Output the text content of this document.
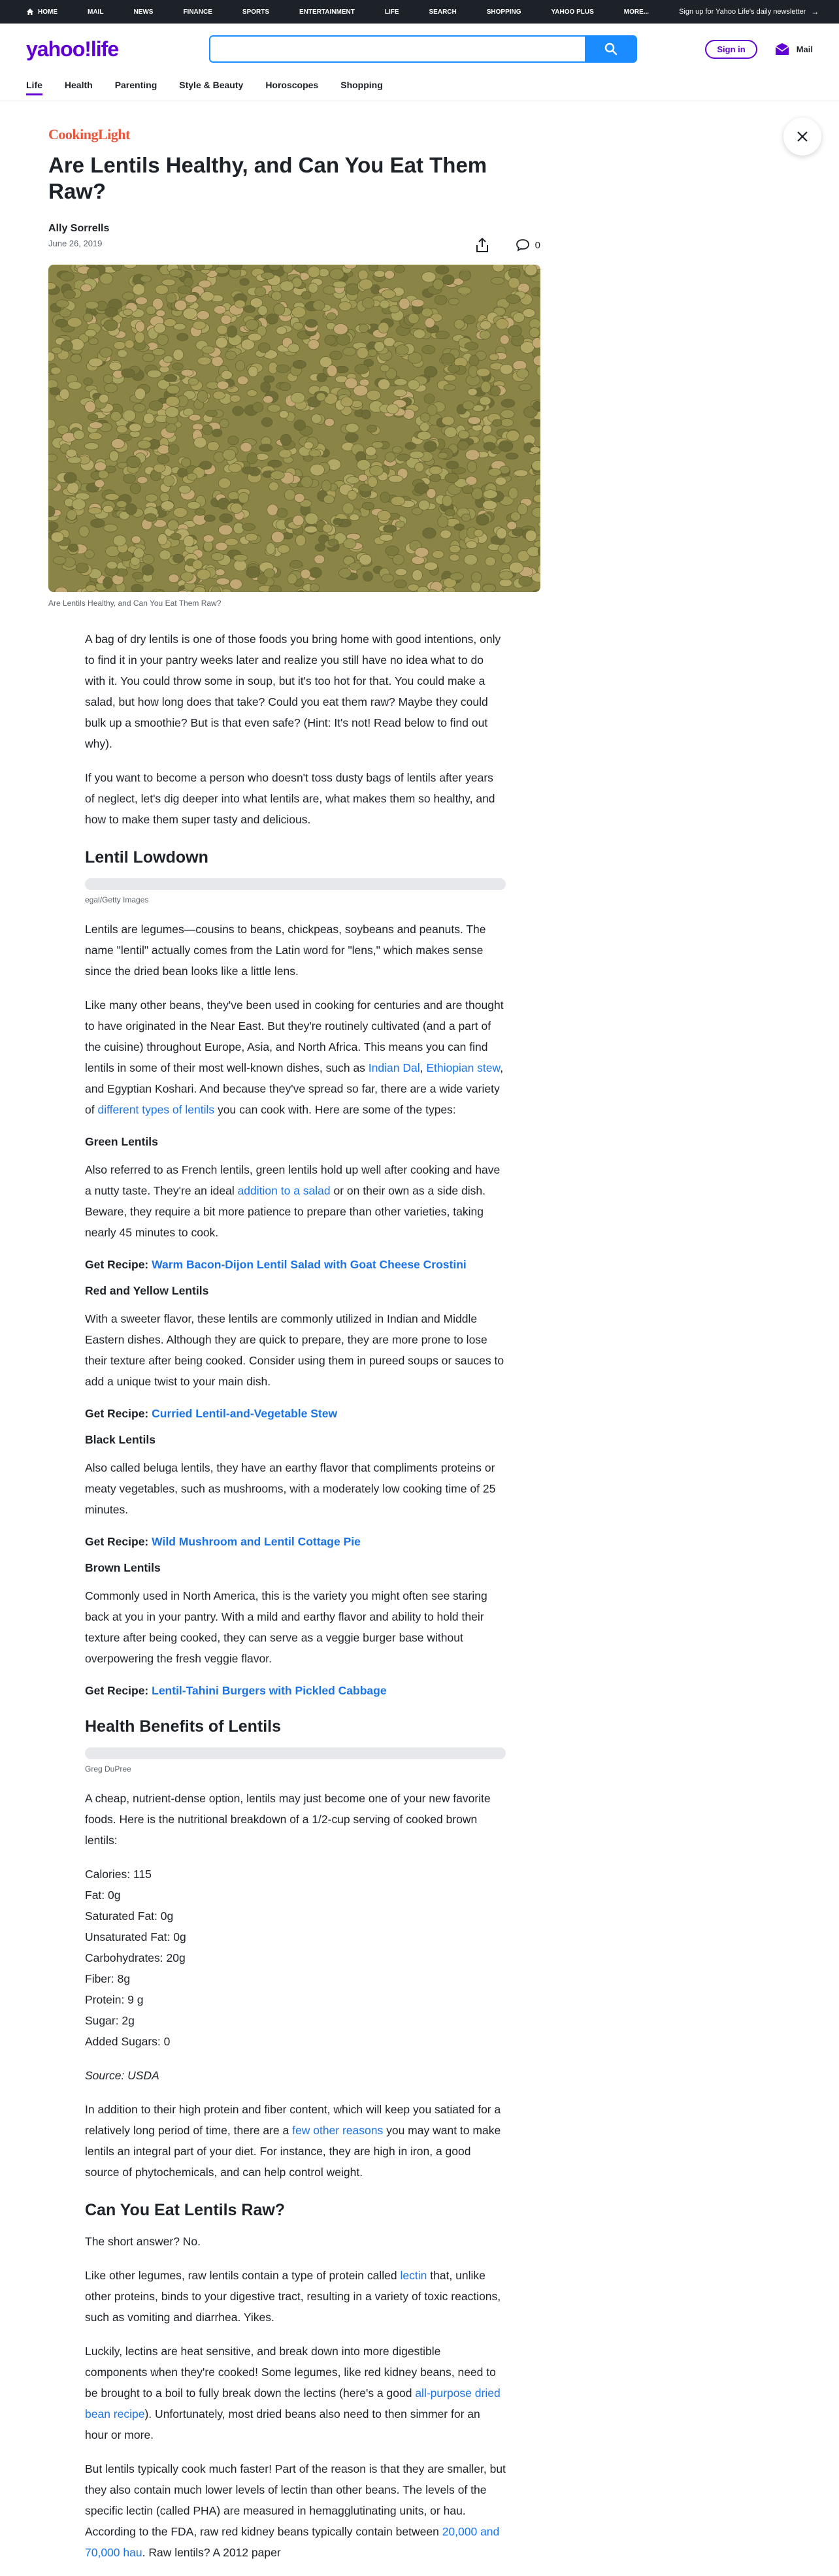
HOME	MAIL	NEWS	FINANCE	SPORTS	ENTERTAINMENT	LIFE	SEARCH	SHOPPING	YAHOO PLUS	MORE...	Sign up for Yahoo Life's daily newsletter →
yahoo!life	Sign in	Mail
Life Health Parenting Style & Beauty Horoscopes Shopping
CookingLight
Are Lentils Healthy, and Can You Eat Them Raw?
Ally Sorrells
June 26, 2019	0
Are Lentils Healthy, and Can You Eat Them Raw?

A bag of dry lentils is one of those foods you bring home with good intentions, only to find it in your pantry weeks later and realize you still have no idea what to do with it. You could throw some in soup, but it's too hot for that. You could make a salad, but how long does that take? Could you eat them raw? Maybe they could bulk up a smoothie? But is that even safe? (Hint: It's not! Read below to find out why).

If you want to become a person who doesn't toss dusty bags of lentils after years of neglect, let's dig deeper into what lentils are, what makes them so healthy, and how to make them super tasty and delicious.

Lentil Lowdown
egal/Getty Images

Lentils are legumes—cousins to beans, chickpeas, soybeans and peanuts. The name "lentil" actually comes from the Latin word for "lens," which makes sense since the dried bean looks like a little lens.

Like many other beans, they've been used in cooking for centuries and are thought to have originated in the Near East. But they're routinely cultivated (and a part of the cuisine) throughout Europe, Asia, and North Africa. This means you can find lentils in some of their most well-known dishes, such as Indian Dal, Ethiopian stew, and Egyptian Koshari. And because they've spread so far, there are a wide variety of different types of lentils you can cook with. Here are some of the types:

Green Lentils

Also referred to as French lentils, green lentils hold up well after cooking and have a nutty taste. They're an ideal addition to a salad or on their own as a side dish. Beware, they require a bit more patience to prepare than other varieties, taking nearly 45 minutes to cook.

Get Recipe: Warm Bacon-Dijon Lentil Salad with Goat Cheese Crostini
Red and Yellow Lentils

With a sweeter flavor, these lentils are commonly utilized in Indian and Middle Eastern dishes. Although they are quick to prepare, they are more prone to lose their texture after being cooked. Consider using them in pureed soups or sauces to add a unique twist to your main dish.

Get Recipe: Curried Lentil-and-Vegetable Stew
Black Lentils

Also called beluga lentils, they have an earthy flavor that compliments proteins or meaty vegetables, such as mushrooms, with a moderately low cooking time of 25 minutes.

Get Recipe: Wild Mushroom and Lentil Cottage Pie
Brown Lentils

Commonly used in North America, this is the variety you might often see staring back at you in your pantry. With a mild and earthy flavor and ability to hold their texture after being cooked, they can serve as a veggie burger base without overpowering the fresh veggie flavor.

Get Recipe: Lentil-Tahini Burgers with Pickled Cabbage
Health Benefits of Lentils
Greg DuPree

A cheap, nutrient-dense option, lentils may just become one of your new favorite foods. Here is the nutritional breakdown of a 1/2-cup serving of cooked brown lentils:

Calories: 115

Fat: 0g

Saturated Fat: 0g

Unsaturated Fat: 0g

Carbohydrates: 20g

Fiber: 8g

Protein: 9 g

Sugar: 2g

Added Sugars: 0

Source: USDA

In addition to their high protein and fiber content, which will keep you satiated for a relatively long period of time, there are a few other reasons you may want to make lentils an integral part of your diet. For instance, they are high in iron, a good source of phytochemicals, and can help control weight.

Can You Eat Lentils Raw?

The short answer? No.

Like other legumes, raw lentils contain a type of protein called lectin that, unlike other proteins, binds to your digestive tract, resulting in a variety of toxic reactions, such as vomiting and diarrhea. Yikes.

Luckily, lectins are heat sensitive, and break down into more digestible components when they're cooked! Some legumes, like red kidney beans, need to be brought to a boil to fully break down the lectins (here's a good all-purpose dried bean recipe). Unfortunately, most dried beans also need to then simmer for an hour or more.

But lentils typically cook much faster! Part of the reason is that they are smaller, but they also contain much lower levels of lectin than other beans. The levels of the specific lectin (called PHA) are measured in hemagglutinating units, or hau. According to the FDA, raw red kidney beans typically contain between 20,000 and 70,000 hau. Raw lentils? A 2012 paper
